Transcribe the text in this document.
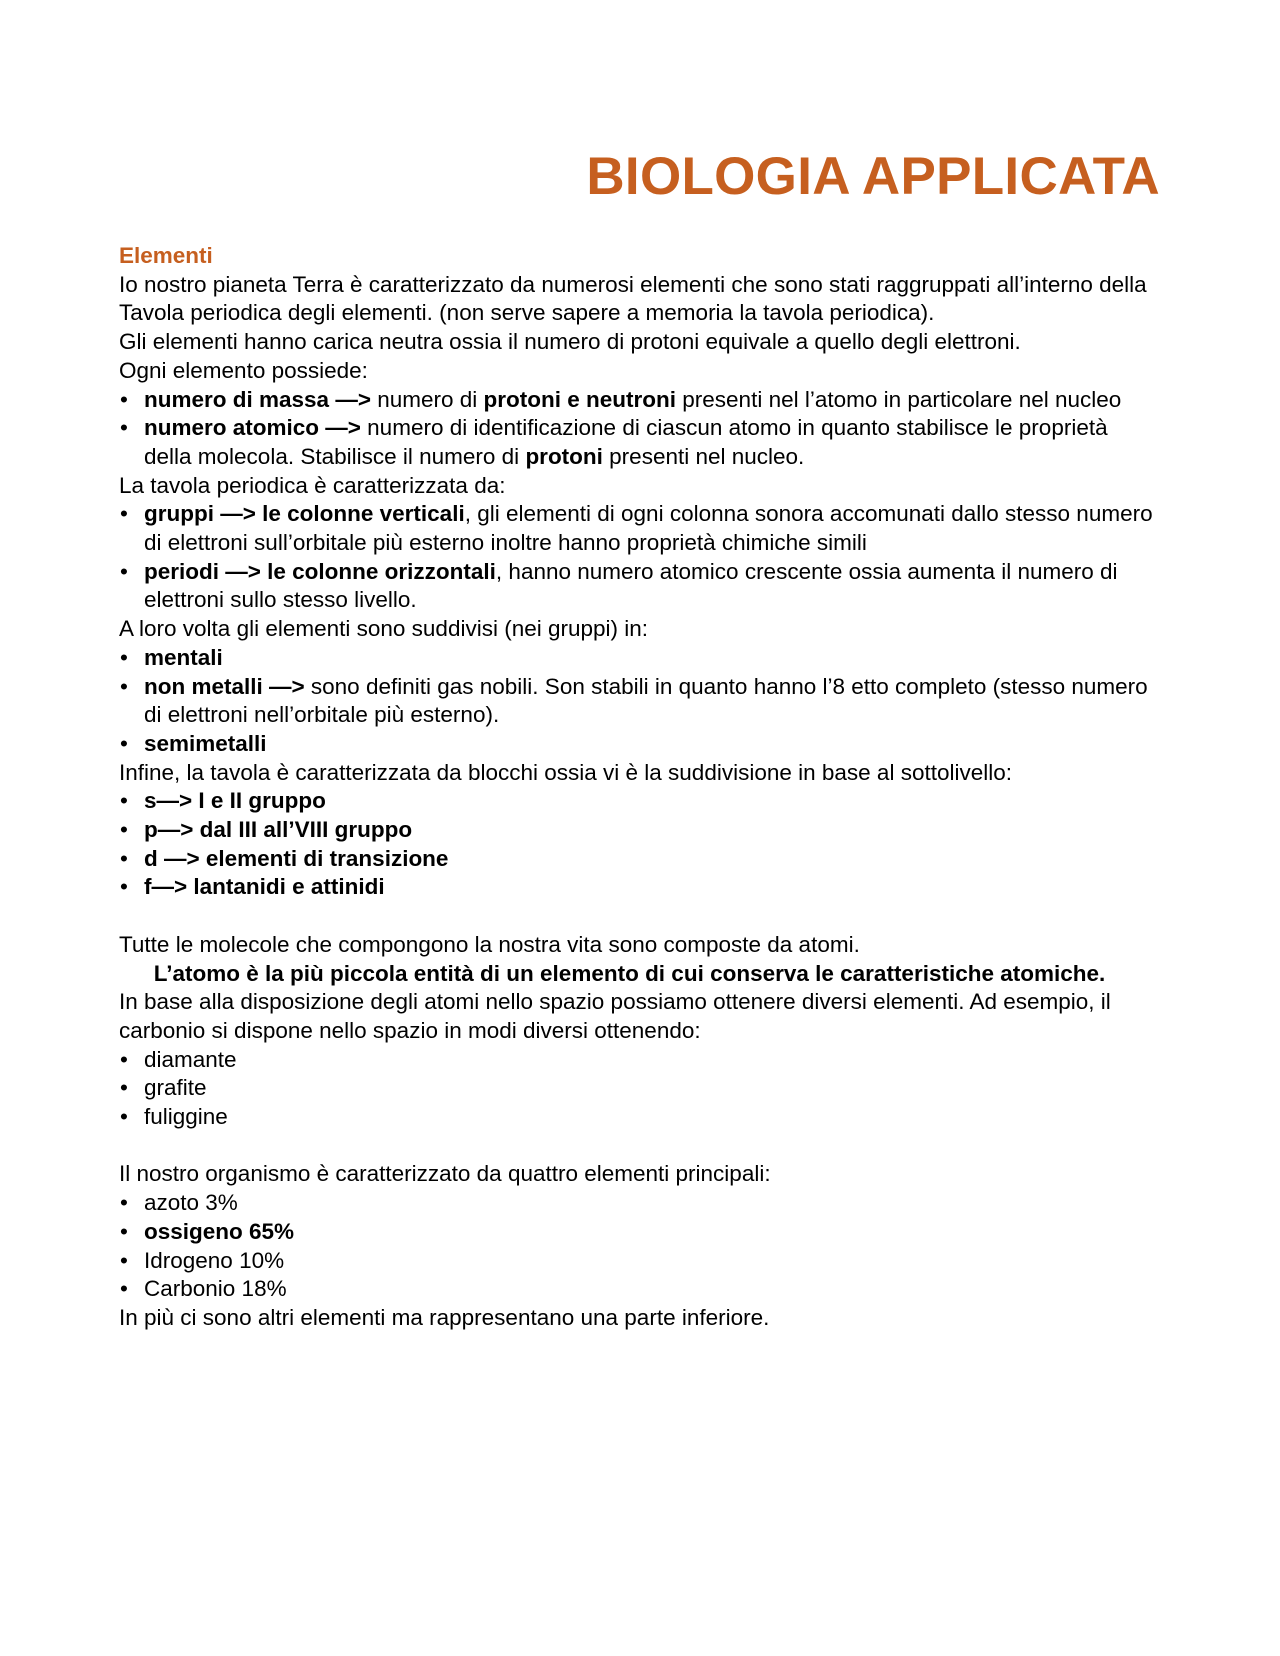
BIOLOGIA APPLICATA

Elementi

Io nostro pianeta Terra è caratterizzato da numerosi elementi che sono stati raggruppati all’interno della Tavola periodica degli elementi. (non serve sapere a memoria la tavola periodica).

Gli elementi hanno carica neutra ossia il numero di protoni equivale a quello degli elettroni.

Ogni elemento possiede:

• numero di massa —> numero di protoni e neutroni presenti nel l’atomo in particolare nel nucleo
• numero atomico —> numero di identificazione di ciascun atomo in quanto stabilisce le proprietà della molecola. Stabilisce il numero di protoni presenti nel nucleo.

La tavola periodica è caratterizzata da:

• gruppi —> le colonne verticali, gli elementi di ogni colonna sonora accomunati dallo stesso numero di elettroni sull’orbitale più esterno inoltre hanno proprietà chimiche simili
• periodi —> le colonne orizzontali, hanno numero atomico crescente ossia aumenta il numero di elettroni sullo stesso livello.

A loro volta gli elementi sono suddivisi (nei gruppi) in:

• mentali
• non metalli —> sono definiti gas nobili. Son stabili in quanto hanno l’8 etto completo (stesso numero di elettroni nell’orbitale più esterno).
• semimetalli

Infine, la tavola è caratterizzata da blocchi ossia vi è la suddivisione in base al sottolivello:

• s—> I e II gruppo
• p—> dal III all’VIII gruppo
• d —> elementi di transizione
• f—> lantanidi e attinidi

Tutte le molecole che compongono la nostra vita sono composte da atomi.

L’atomo è la più piccola entità di un elemento di cui conserva le caratteristiche atomiche.

In base alla disposizione degli atomi nello spazio possiamo ottenere diversi elementi. Ad esempio, il carbonio si dispone nello spazio in modi diversi ottenendo:

• diamante
• grafite
• fuliggine

Il nostro organismo è caratterizzato da quattro elementi principali:

• azoto 3%
• ossigeno 65%
• Idrogeno 10%
• Carbonio 18%

In più ci sono altri elementi ma rappresentano una parte inferiore.
